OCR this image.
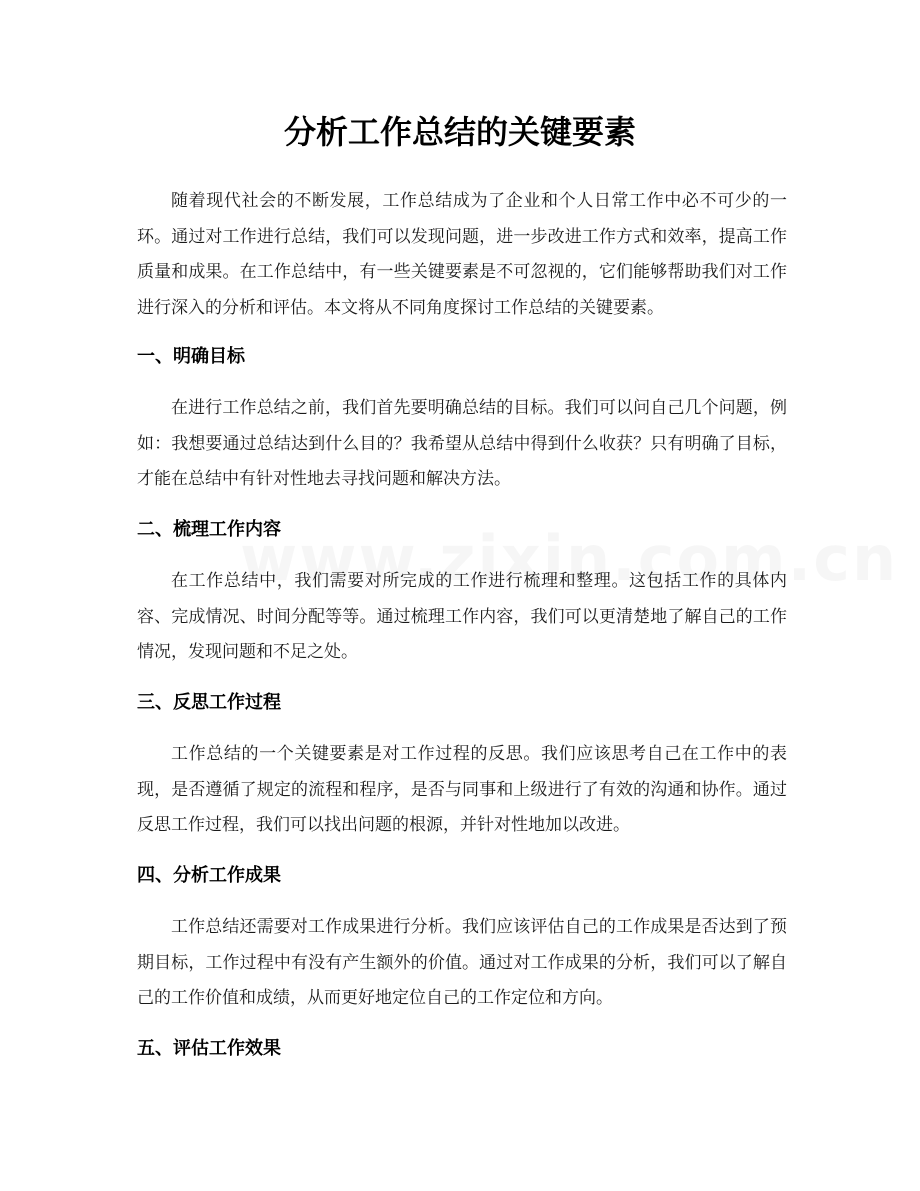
分析工作总结的关键要素

随着现代社会的不断发展，工作总结成为了企业和个人日常工作中必不可少的一环。通过对工作进行总结，我们可以发现问题，进一步改进工作方式和效率，提高工作质量和成果。在工作总结中，有一些关键要素是不可忽视的，它们能够帮助我们对工作进行深入的分析和评估。本文将从不同角度探讨工作总结的关键要素。

一、明确目标

在进行工作总结之前，我们首先要明确总结的目标。我们可以问自己几个问题，例如：我想要通过总结达到什么目的？我希望从总结中得到什么收获？只有明确了目标，才能在总结中有针对性地去寻找问题和解决方法。

二、梳理工作内容

在工作总结中，我们需要对所完成的工作进行梳理和整理。这包括工作的具体内容、完成情况、时间分配等等。通过梳理工作内容，我们可以更清楚地了解自己的工作情况，发现问题和不足之处。

三、反思工作过程

工作总结的一个关键要素是对工作过程的反思。我们应该思考自己在工作中的表现，是否遵循了规定的流程和程序，是否与同事和上级进行了有效的沟通和协作。通过反思工作过程，我们可以找出问题的根源，并针对性地加以改进。

四、分析工作成果

工作总结还需要对工作成果进行分析。我们应该评估自己的工作成果是否达到了预期目标，工作过程中有没有产生额外的价值。通过对工作成果的分析，我们可以了解自己的工作价值和成绩，从而更好地定位自己的工作定位和方向。

五、评估工作效果
